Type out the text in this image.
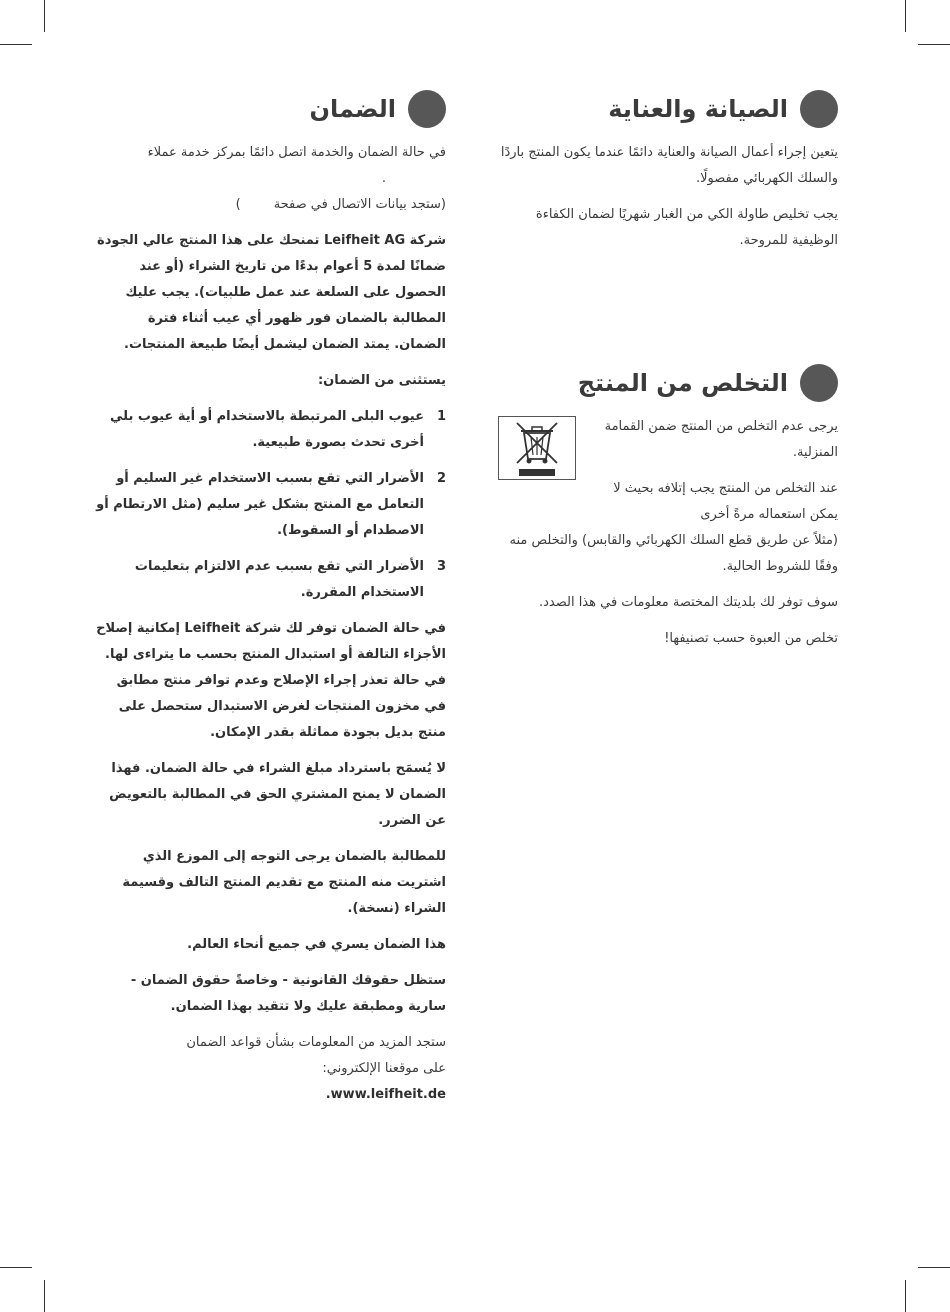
الصيانة والعناية

يتعين إجراء أعمال الصيانة والعناية دائمًا عندما يكون المنتج باردًا والسلك الكهربائي مفصولًا.

يجب تخليص طاولة الكي من الغبار شهريًا لضمان الكفاءة الوظيفية للمروحة.

التخلص من المنتج

يرجى عدم التخلص من المنتج ضمن القمامة المنزلية.

عند التخلص من المنتج يجب إتلافه بحيث لا يمكن استعماله مرةً أخرى

(مثلاً عن طريق قطع السلك الكهربائي والقابس) والتخلص منه وفقًا للشروط الحالية.

سوف توفر لك بلديتك المختصة معلومات في هذا الصدد.

تخلص من العبوة حسب تصنيفها!

الضمان

في حالة الضمان والخدمة اتصل دائمًا بمركز خدمة عملاء.

(ستجد بيانات الاتصال في صفحة        )

شركة Leifheit AG تمنحك على هذا المنتج عالي الجودة ضمانًا لمدة 5 أعوام بدءًا من تاريخ الشراء (أو عند الحصول على السلعة عند عمل طلبيات). يجب عليك المطالبة بالضمان فور ظهور أي عيب أثناء فترة الضمان. يمتد الضمان ليشمل أيضًا طبيعة المنتجات.

يستثنى من الضمان:

1
عيوب البلى المرتبطة بالاستخدام أو أية عيوب بلي أخرى تحدث بصورة طبيعية.
2
الأضرار التي تقع بسبب الاستخدام غير السليم أو التعامل مع المنتج بشكل غير سليم (مثل الارتطام أو الاصطدام أو السقوط).
3
الأضرار التي تقع بسبب عدم الالتزام بتعليمات الاستخدام المقررة.

في حالة الضمان توفر لك شركة Leifheit إمكانية إصلاح الأجزاء التالفة أو استبدال المنتج بحسب ما يتراءى لها. في حالة تعذر إجراء الإصلاح وعدم توافر منتج مطابق في مخزون المنتجات لغرض الاستبدال ستحصل على منتج بديل بجودة مماثلة بقدر الإمكان.

لا يُسمَح باسترداد مبلغ الشراء في حالة الضمان. فهذا الضمان لا يمنح المشتري الحق في المطالبة بالتعويض عن الضرر.

للمطالبة بالضمان يرجى التوجه إلى الموزع الذي اشتريت منه المنتج مع تقديم المنتج التالف وقسيمة الشراء (نسخة).

هذا الضمان يسري في جميع أنحاء العالم.

ستظل حقوقك القانونية - وخاصةً حقوق الضمان - سارية ومطبقة عليك ولا تتقيد بهذا الضمان.

ستجد المزيد من المعلومات بشأن قواعد الضمان

على موقعنا الإلكتروني:

.www.leifheit.de
